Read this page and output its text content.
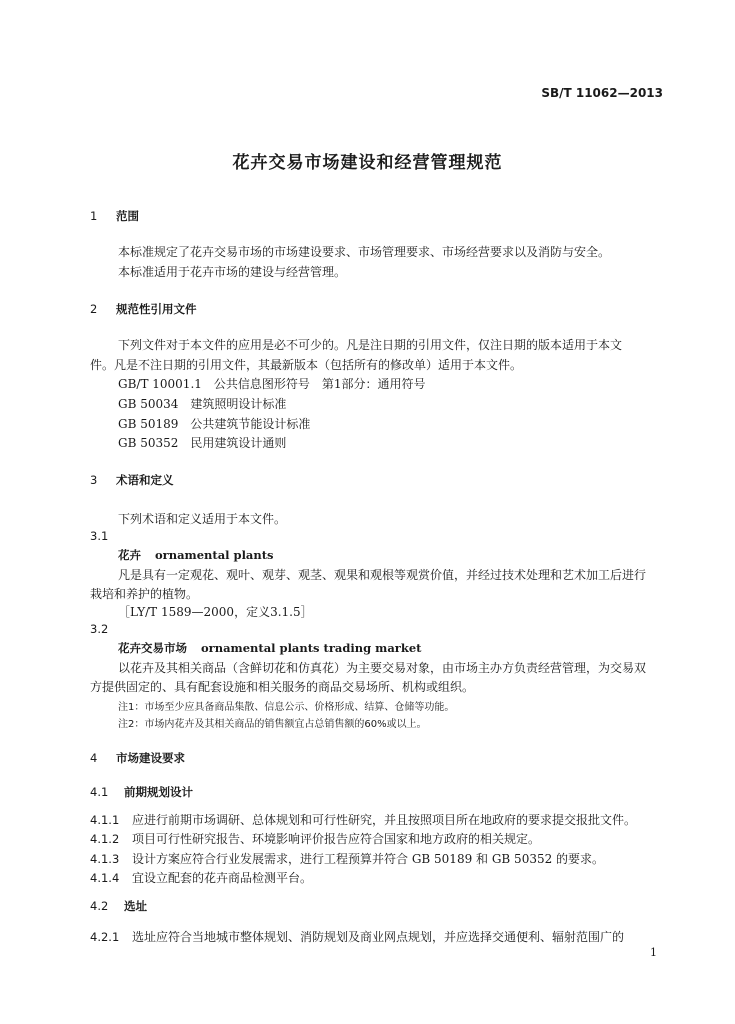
SB/T 11062—2013
花卉交易市场建设和经营管理规范
1 范围
本标准规定了花卉交易市场的市场建设要求、市场管理要求、市场经营要求以及消防与安全。
本标准适用于花卉市场的建设与经营管理。
2 规范性引用文件
下列文件对于本文件的应用是必不可少的。凡是注日期的引用文件，仅注日期的版本适用于本文
件。凡是不注日期的引用文件，其最新版本（包括所有的修改单）适用于本文件。
GB/T 10001.1　 公共信息图形符号　第1部分：通用符号
GB 50034　 建筑照明设计标准
GB 50189　 公共建筑节能设计标准
GB 50352　 民用建筑设计通则
3 术语和定义
下列术语和定义适用于本文件。
3.1
花卉 ornamental plants
凡是具有一定观花、观叶、观芽、观茎、观果和观根等观赏价值，并经过技术处理和艺术加工后进行
栽培和养护的植物。
［LY/T 1589—2000，定义3.1.5］
3.2
花卉交易市场 ornamental plants trading market
以花卉及其相关商品（含鲜切花和仿真花）为主要交易对象，由市场主办方负责经营管理，为交易双
方提供固定的、具有配套设施和相关服务的商品交易场所、机构或组织。
注1：市场至少应具备商品集散、信息公示、价格形成、结算、仓储等功能。
注2：市场内花卉及其相关商品的销售额宜占总销售额的60%或以上。
4 市场建设要求
4.1 前期规划设计
4.1.1 应进行前期市场调研、总体规划和可行性研究，并且按照项目所在地政府的要求提交报批文件。
4.1.2 项目可行性研究报告、环境影响评价报告应符合国家和地方政府的相关规定。
4.1.3 设计方案应符合行业发展需求，进行工程预算并符合 GB 50189 和 GB 50352 的要求。
4.1.4 宜设立配套的花卉商品检测平台。
4.2 选址
4.2.1 选址应符合当地城市整体规划、消防规划及商业网点规划，并应选择交通便利、辐射范围广的
1
